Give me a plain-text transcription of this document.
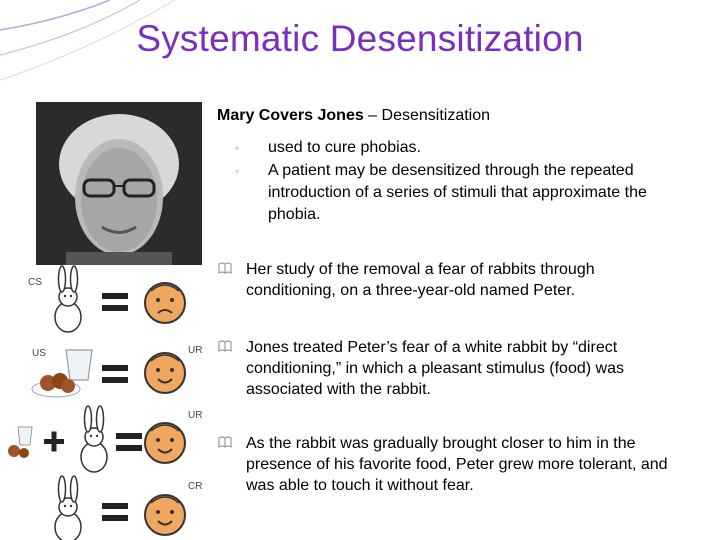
Systematic Desensitization
Mary Covers Jones – Desensitization
◦	used to cure phobias.
◦	A patient may be desensitized through the repeated introduction of a series of stimuli that approximate the phobia.
Her study of the removal a fear of rabbits through conditioning, on a three-year-old named Peter.
Jones treated Peter’s fear of a white rabbit by “direct conditioning,” in which a pleasant stimulus (food) was associated with the rabbit.
As the rabbit was gradually brought closer to him in the presence of his favorite food, Peter grew more tolerant, and was able to touch it without fear.
CS
US	UR
UR
CR
